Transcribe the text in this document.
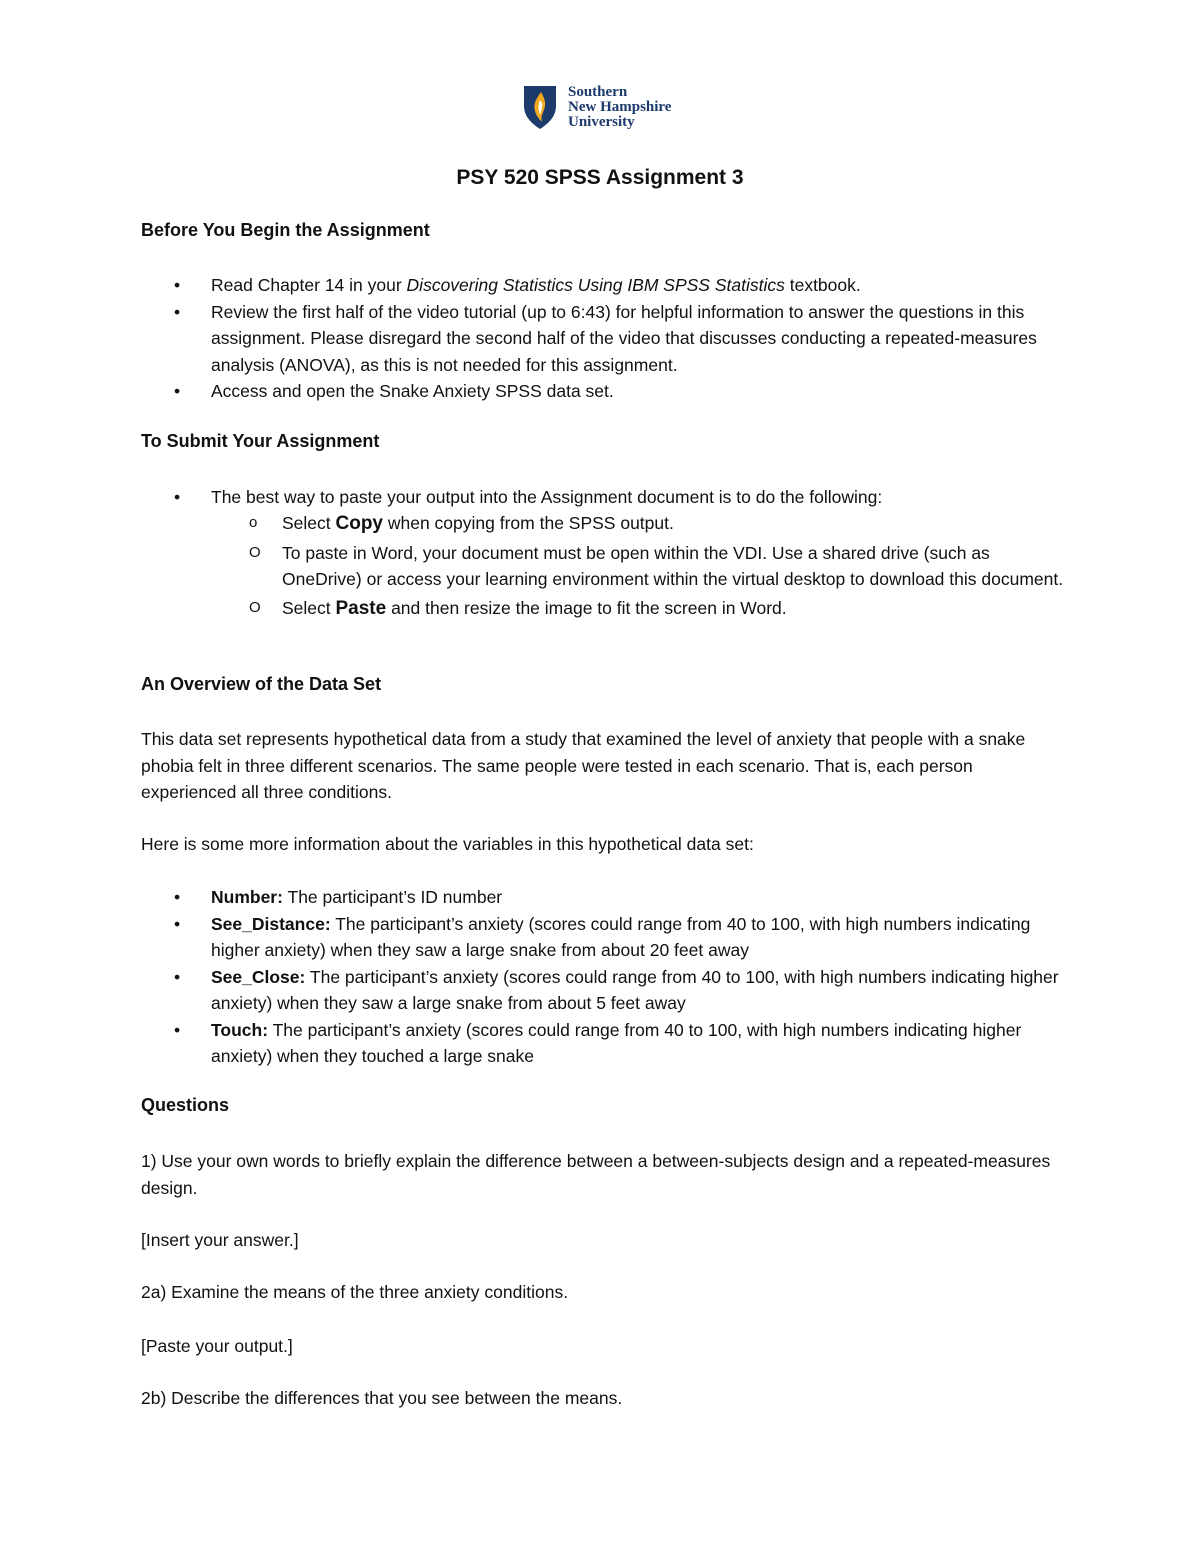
Southern
New Hampshire
University
PSY 520 SPSS Assignment 3
Before You Begin the Assignment
• Read Chapter 14 in your Discovering Statistics Using IBM SPSS Statistics textbook.
• Review the first half of the video tutorial (up to 6:43) for helpful information to answer the questions in this assignment. Please disregard the second half of the video that discusses conducting a repeated-measures analysis (ANOVA), as this is not needed for this assignment.
• Access and open the Snake Anxiety SPSS data set.
To Submit Your Assignment
• The best way to paste your output into the Assignment document is to do the following:
o Select Copy when copying from the SPSS output.
O To paste in Word, your document must be open within the VDI. Use a shared drive (such as OneDrive) or access your learning environment within the virtual desktop to download this document.
O Select Paste and then resize the image to fit the screen in Word.
An Overview of the Data Set
This data set represents hypothetical data from a study that examined the level of anxiety that people with a snake phobia felt in three different scenarios. The same people were tested in each scenario. That is, each person experienced all three conditions.
Here is some more information about the variables in this hypothetical data set:
• Number: The participant’s ID number
• See_Distance: The participant’s anxiety (scores could range from 40 to 100, with high numbers indicating higher anxiety) when they saw a large snake from about 20 feet away
• See_Close: The participant’s anxiety (scores could range from 40 to 100, with high numbers indicating higher anxiety) when they saw a large snake from about 5 feet away
• Touch: The participant’s anxiety (scores could range from 40 to 100, with high numbers indicating higher anxiety) when they touched a large snake
Questions
1) Use your own words to briefly explain the difference between a between-subjects design and a repeated-measures design.
[Insert your answer.]
2a) Examine the means of the three anxiety conditions.
[Paste your output.]
2b) Describe the differences that you see between the means.
